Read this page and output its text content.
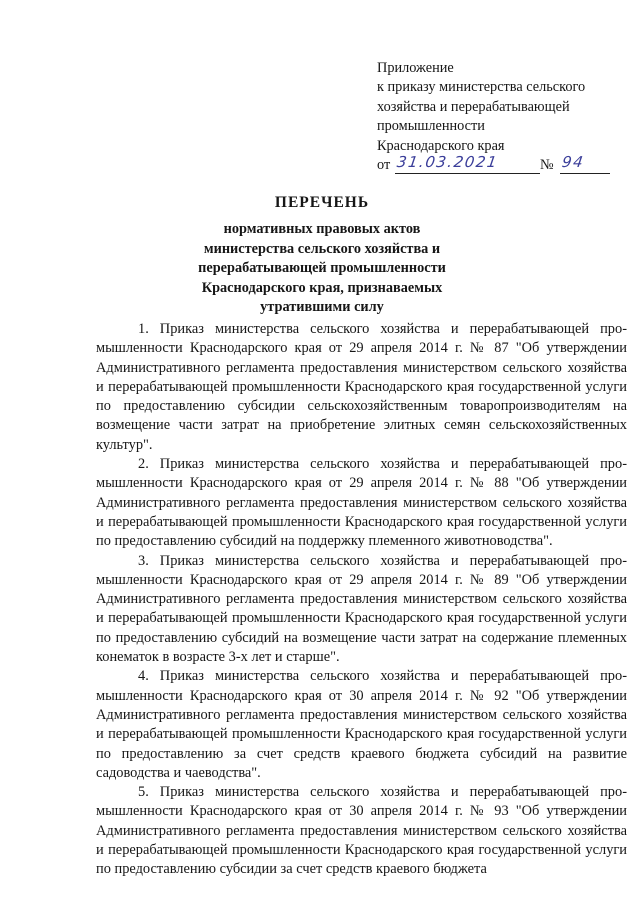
Приложение
к приказу министерства сельского
хозяйства и перерабатывающей
промышленности
Краснодарского края
от 31.03.2021	№ 94
ПЕРЕЧЕНЬ
нормативных правовых актов
министерства сельского хозяйства и
перерабатывающей промышленности
Краснодарского края, признаваемых
утратившими силу

1. Приказ министерства сельского хозяйства и перерабатывающей промышленности Краснодарского края от 29 апреля 2014 г. № 87 "Об утверждении Административного регламента предоставления министерством сельского хозяйства и перерабатывающей промышленности Краснодарского края государственной услуги по предоставлению субсидии сельскохозяйственным товаропроизводителям на возмещение части затрат на приобретение элитных семян сельскохозяйственных культур".

2. Приказ министерства сельского хозяйства и перерабатывающей промышленности Краснодарского края от 29 апреля 2014 г. № 88 "Об утверждении Административного регламента предоставления министерством сельского хозяйства и перерабатывающей промышленности Краснодарского края государственной услуги по предоставлению субсидий на поддержку племенного животноводства".

3. Приказ министерства сельского хозяйства и перерабатывающей промышленности Краснодарского края от 29 апреля 2014 г. № 89 "Об утверждении Административного регламента предоставления министерством сельского хозяйства и перерабатывающей промышленности Краснодарского края государственной услуги по предоставлению субсидий на возмещение части затрат на содержание племенных конематок в возрасте 3-х лет и старше".

4. Приказ министерства сельского хозяйства и перерабатывающей промышленности Краснодарского края от 30 апреля 2014 г. № 92 "Об утверждении Административного регламента предоставления министерством сельского хозяйства и перерабатывающей промышленности Краснодарского края государственной услуги по предоставлению за счет средств краевого бюджета субсидий на развитие садоводства и чаеводства".

5. Приказ министерства сельского хозяйства и перерабатывающей промышленности Краснодарского края от 30 апреля 2014 г. № 93 "Об утверждении Административного регламента предоставления министерством сельского хозяйства и перерабатывающей промышленности Краснодарского края государственной услуги по предоставлению субсидии за счет средств краевого бюджета
